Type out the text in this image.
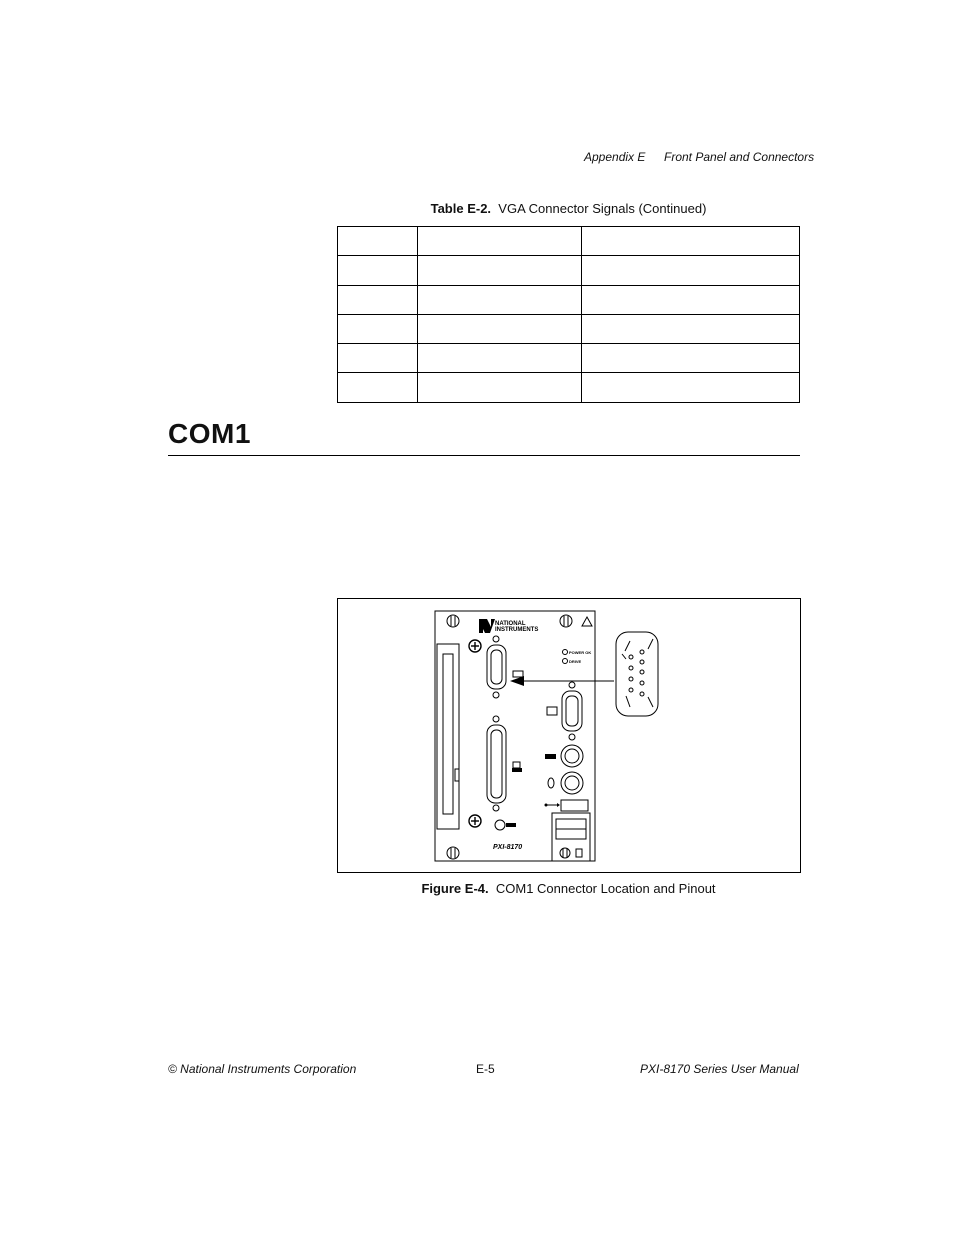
Appendix E Front Panel and Connectors
Table E-2. VGA Connector Signals (Continued)

COM1
NATIONAL
INSTRUMENTS
POWER OK
DRIVE
PXI-8170
Figure E-4. COM1 Connector Location and Pinout
© National Instruments Corporation	E-5	PXI-8170 Series User Manual
